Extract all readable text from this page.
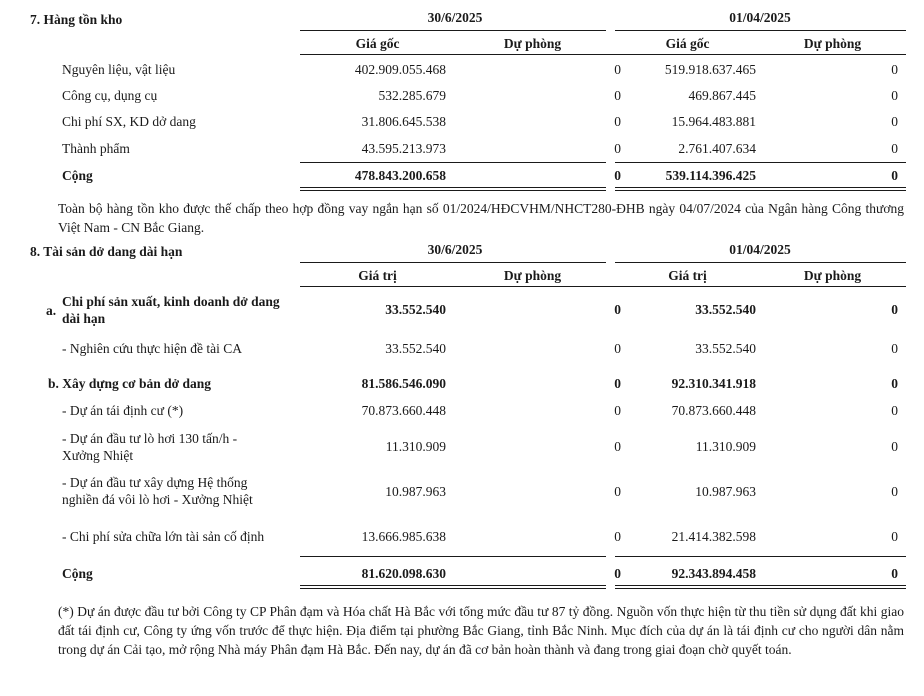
7. Hàng tồn kho	30/6/2025	01/04/2025
Giá gốc	Dự phòng	Giá gốc	Dự phòng
Nguyên liệu, vật liệu	402.909.055.468	0	519.918.637.465	0
Công cụ, dụng cụ	532.285.679	0	469.867.445	0
Chi phí SX, KD dở dang	31.806.645.538	0	15.964.483.881	0
Thành phẩm	43.595.213.973	0	2.761.407.634	0
Cộng	478.843.200.658	0	539.114.396.425	0
Toàn bộ hàng tồn kho được thế chấp theo hợp đồng vay ngắn hạn số 01/2024/HĐCVHM/NHCT280-ĐHB ngày 04/07/2024 của Ngân hàng Công thương Việt Nam - CN Bắc Giang.
8. Tài sản dở dang dài hạn	30/6/2025	01/04/2025
Giá trị	Dự phòng	Giá trị	Dự phòng
a.
Chi phí sản xuất, kinh doanh dở dang dài hạn
33.552.540	0	33.552.540	0
- Nghiên cứu thực hiện đề tài CA	33.552.540	0	33.552.540	0
b. Xây dựng cơ bản dở dang	81.586.546.090	0	92.310.341.918	0
- Dự án tái định cư (*)	70.873.660.448	0	70.873.660.448	0
- Dự án đầu tư lò hơi 130 tấn/h - Xưởng Nhiệt
11.310.909	0	11.310.909	0
- Dự án đầu tư xây dựng Hệ thống nghiền đá vôi lò hơi - Xưởng Nhiệt
10.987.963	0	10.987.963	0
- Chi phí sửa chữa lớn tài sản cố định	13.666.985.638	0	21.414.382.598	0
Cộng	81.620.098.630	0	92.343.894.458	0
(*) Dự án được đầu tư bởi Công ty CP Phân đạm và Hóa chất Hà Bắc với tổng mức đầu tư 87 tỷ đồng. Nguồn vốn thực hiện từ thu tiền sử dụng đất khi giao đất tái định cư, Công ty ứng vốn trước để thực hiện. Địa điểm tại phường Bắc Giang, tỉnh Bắc Ninh. Mục đích của dự án là tái định cư cho người dân nằm trong dự án Cải tạo, mở rộng Nhà máy Phân đạm Hà Bắc. Đến nay, dự án đã cơ bản hoàn thành và đang trong giai đoạn chờ quyết toán.
